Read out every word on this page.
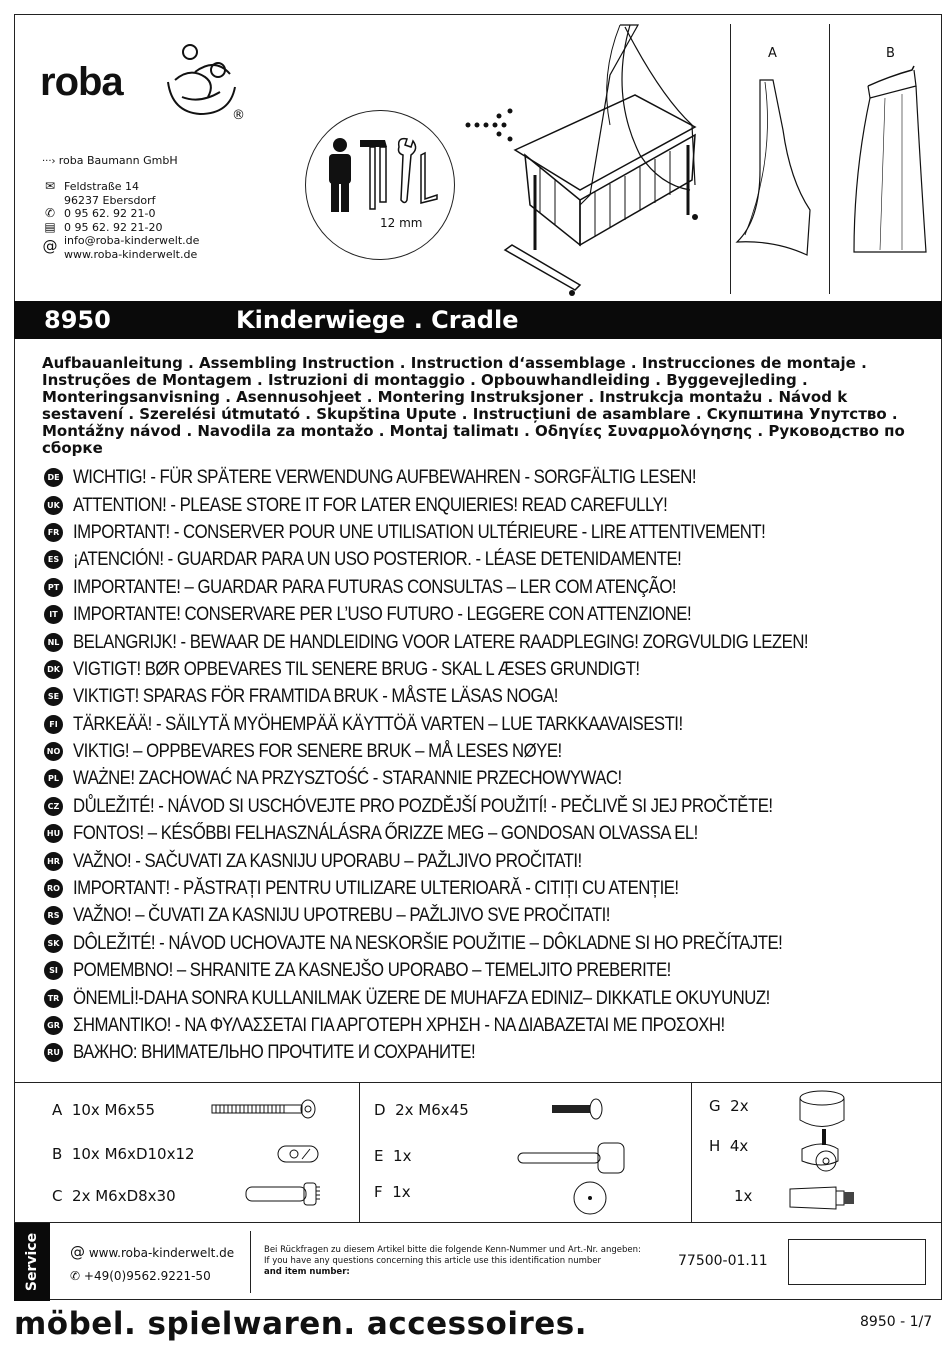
roba
®
···› roba Baumann GmbH
✉ Feldstraße 14
96237 Ebersdorf
✆ 0 95 62. 92 21-0
▤ 0 95 62. 92 21-20
@ info@roba-kinderwelt.de
www.roba-kinderwelt.de
12 mm
A	B
8950	Kinderwiege . Cradle
Aufbauanleitung . Assembling Instruction . Instruction d‘assemblage . Instrucciones de montaje . Instruções de Montagem . Istruzioni di montaggio . Opbouwhandleiding . Byggevejleding . Monteringsanvisning . Asennusohjeet . Montering Instruksjoner . Instrukcja montażu . Návod k sestavení . Szerelési útmutató . Skupština Upute . Instrucțiuni de asamblare . Скупштина Упутство . Montážny návod . Navodila za montažo . Montaj talimatı . Οδηγίες Συναρμολόγησης . Руководство по сборке
DE WICHTIG! - FÜR SPÄTERE VERWENDUNG AUFBEWAHREN - SORGFÄLTIG LESEN!
UK ATTENTION! - PLEASE STORE IT FOR LATER ENQUIERIES! READ CAREFULLY!
FR IMPORTANT! - CONSERVER POUR UNE UTILISATION ULTÉRIEURE - LIRE ATTENTIVEMENT!
ES ¡ATENCIÓN! - GUARDAR PARA UN USO POSTERIOR. - LÉASE DETENIDAMENTE!
PT IMPORTANTE! – GUARDAR PARA FUTURAS CONSULTAS – LER COM ATENÇÃO!
IT IMPORTANTE! CONSERVARE PER L’USO FUTURO - LEGGERE CON ATTENZIONE!
NL BELANGRIJK! - BEWAAR DE HANDLEIDING VOOR LATERE RAADPLEGING! ZORGVULDIG LEZEN!
DK VIGTIGT! BØR OPBEVARES TIL SENERE BRUG - SKAL L ÆSES GRUNDIGT!
SE VIKTIGT! SPARAS FÖR FRAMTIDA BRUK - MÅSTE LÄSAS NOGA!
FI TÄRKEÄÄ! - SÄILYTÄ MYÖHEMPÄÄ KÄYTTÖÄ VARTEN – LUE TARKKAAVAISESTI!
NO VIKTIG! – OPPBEVARES FOR SENERE BRUK – MÅ LESES NØYE!
PL WAŻNE! ZACHOWAĆ NA PRZYSZTOŚĆ - STARANNIE PRZECHOWYWAC!
CZ DŮLEŽITÉ! - NÁVOD SI USCHÓVEJTE PRO POZDĚJŠÍ POUŽITÍ! - PEČLIVĚ SI JEJ PROČTĚTE!
HU FONTOS! – KÉSŐBBI FELHASZNÁLÁSRA ŐRIZZE MEG – GONDOSAN OLVASSA EL!
HR VAŽNO! - SAČUVATI ZA KASNIJU UPORABU – PAŽLJIVO PROČITATI!
RO IMPORTANT! - PĂSTRAȚI PENTRU UTILIZARE ULTERIOARĂ - CITIȚI CU ATENȚIE!
RS VAŽNO! – ČUVATI ZA KASNIJU UPOTREBU – PAŽLJIVO SVE PROČITATI!
SK DÔLEŽITÉ! - NÁVOD UCHOVAJTE NA NESKORŠIE POUŽITIE – DÔKLADNE SI HO PREČÍTAJTE!
SI POMEMBNO! – SHRANITE ZA KASNEJŠO UPORABO – TEMELJITO PREBERITE!
TR ÖNEMLİ!-DAHA SONRA KULLANILMAK ÜZERE DE MUHAFZA EDINIZ– DIKKATLE OKUYUNUZ!
GR ΣΗΜΑΝΤΙΚΟ! - ΝΑ ΦΥΛΑΣΣΕΤΑΙ ΓΙΑ ΑΡΓΟΤΕΡΗ ΧΡΗΣΗ - ΝΑ ΔΙΑΒΑΖΕΤΑΙ ΜΕ ΠΡΟΣΟΧΗ!
RU ВАЖНО: ВНИМАТЕЛЬНО ПРОЧТИТЕ И СОХРАНИТЕ!
A 10x M6x55
B 10x M6xD10x12
C 2x M6xD8x30
D 2x M6x45
E 1x
F 1x
G 2x
H 4x
1x
Service @ www.roba-kinderwelt.de
✆ +49(0)9562.9221-50
Bei Rückfragen zu diesem Artikel bitte die folgende Kenn-Nummer und Art.-Nr. angeben:
If you have any questions concerning this article use this identification number
and item number:
77500-01.11
möbel. spielwaren. accessoires.	8950 - 1/7
